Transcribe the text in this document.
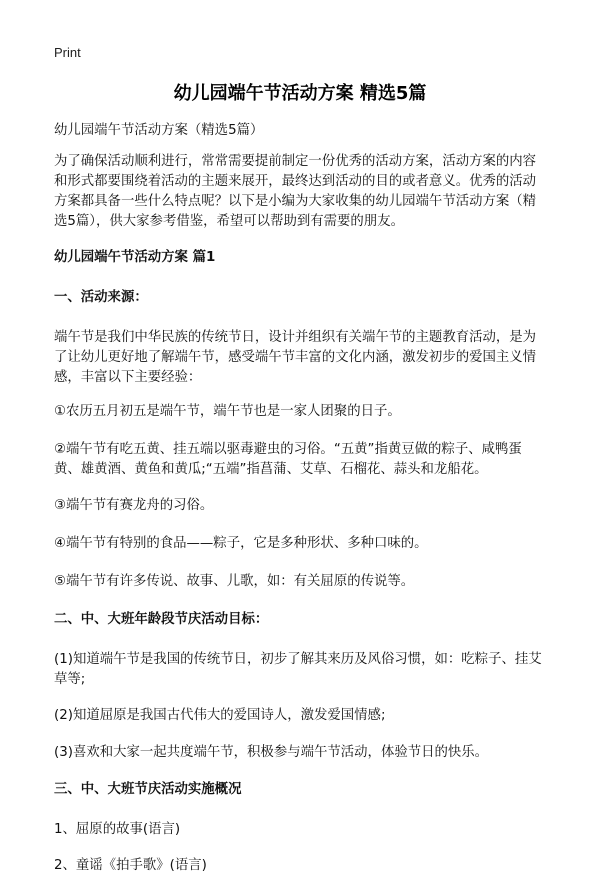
Print
幼儿园端午节活动方案 精选5篇

幼儿园端午节活动方案（精选5篇）

为了确保活动顺利进行，常常需要提前制定一份优秀的活动方案，活动方案的内容和形式都要围绕着活动的主题来展开，最终达到活动的目的或者意义。优秀的活动方案都具备一些什么特点呢？以下是小编为大家收集的幼儿园端午节活动方案（精选5篇），供大家参考借鉴，希望可以帮助到有需要的朋友。

幼儿园端午节活动方案 篇1

一、活动来源：

端午节是我们中华民族的传统节日，设计并组织有关端午节的主题教育活动，是为了让幼儿更好地了解端午节，感受端午节丰富的文化内涵，激发初步的爱国主义情感，丰富以下主要经验：

①农历五月初五是端午节，端午节也是一家人团聚的日子。

②端午节有吃五黄、挂五端以驱毒避虫的习俗。“五黄”指黄豆做的粽子、咸鸭蛋黄、雄黄酒、黄鱼和黄瓜;“五端”指菖蒲、艾草、石榴花、蒜头和龙船花。

③端午节有赛龙舟的习俗。

④端午节有特别的食品——粽子，它是多种形状、多种口味的。

⑤端午节有许多传说、故事、儿歌，如：有关屈原的传说等。

二、中、大班年龄段节庆活动目标：

(1)知道端午节是我国的传统节日，初步了解其来历及风俗习惯，如：吃粽子、挂艾草等;

(2)知道屈原是我国古代伟大的爱国诗人，激发爱国情感;

(3)喜欢和大家一起共度端午节，积极参与端午节活动，体验节日的快乐。

三、中、大班节庆活动实施概况

1、屈原的故事(语言)

2、童谣《拍手歌》(语言)
